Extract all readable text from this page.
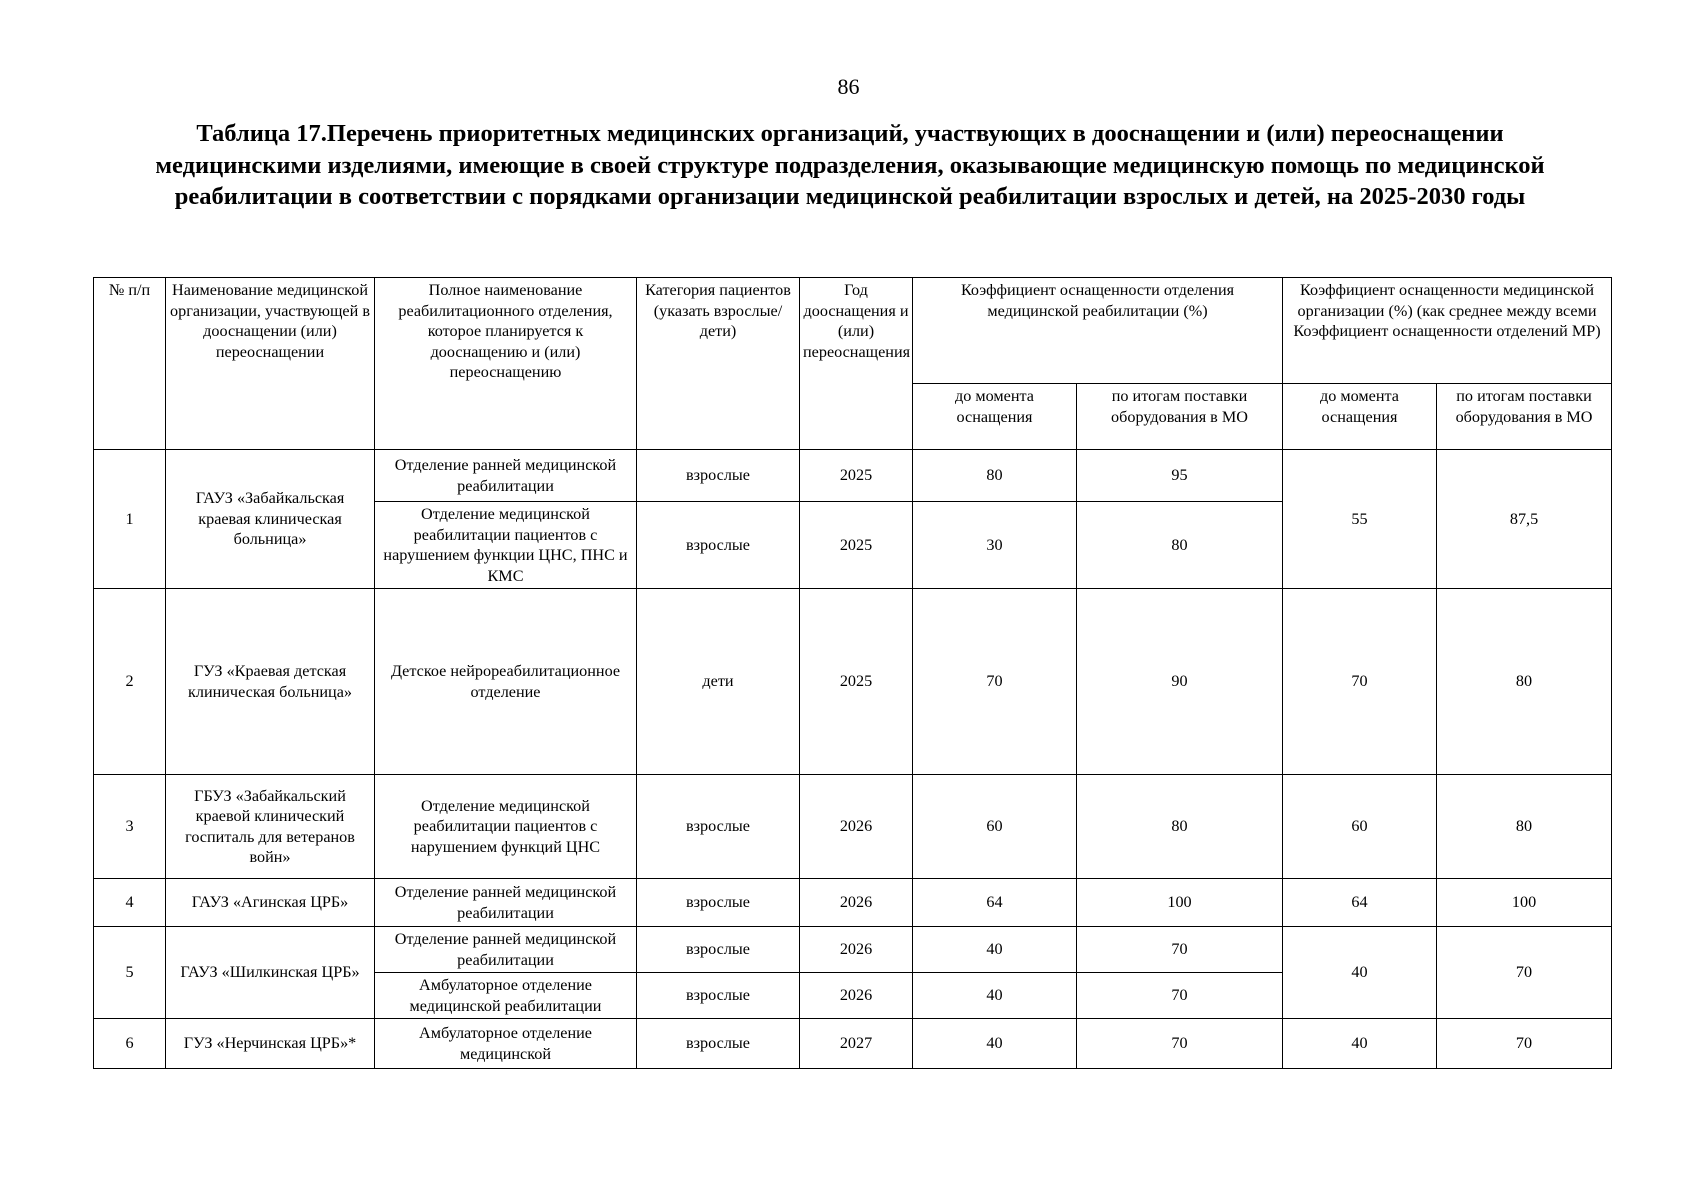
86
Таблица 17.Перечень приоритетных медицинских организаций, участвующих в дооснащении и (или) переоснащении медицинскими изделиями, имеющие в своей структуре подразделения, оказывающие медицинскую помощь по медицинской реабилитации в соответствии с порядками организации медицинской реабилитации взрослых и детей, на 2025-2030 годы
№ п/п	Наименование медицинской организации, участвующей в дооснащении (или) переоснащении	Полное наименование реабилитационного отделения, которое планируется к дооснащению и (или) переоснащению	Категория пациентов (указать взрослые/дети)	Год дооснащения и (или) переоснащения	Коэффициент оснащенности отделения медицинской реабилитации (%)		Коэффициент оснащенности медицинской организации (%) (как среднее между всеми Коэффициент оснащенности отделений МР)	
					до момента оснащения	по итогам поставки оборудования в МО	до момента оснащения	по итогам поставки оборудования в МО
1	ГАУЗ «Забайкальская краевая клиническая больница»	Отделение ранней медицинской реабилитации	взрослые	2025	80	95	55	87,5
		Отделение медицинской реабилитации пациентов с нарушением функции ЦНС, ПНС и КМС	взрослые	2025	30	80		
2	ГУЗ «Краевая детская клиническая больница»	Детское нейрореабилитационное отделение	дети	2025	70	90	70	80
3	ГБУЗ «Забайкальский краевой клинический госпиталь для ветеранов войн»	Отделение медицинской реабилитации пациентов с нарушением функций ЦНС	взрослые	2026	60	80	60	80
4	ГАУЗ «Агинская ЦРБ»	Отделение ранней медицинской реабилитации	взрослые	2026	64	100	64	100
5	ГАУЗ «Шилкинская ЦРБ»	Отделение ранней медицинской реабилитации	взрослые	2026	40	70	40	70
		Амбулаторное отделение медицинской реабилитации	взрослые	2026	40	70		
6	ГУЗ «Нерчинская ЦРБ»*	Амбулаторное отделение медицинской	взрослые	2027	40	70	40	70
